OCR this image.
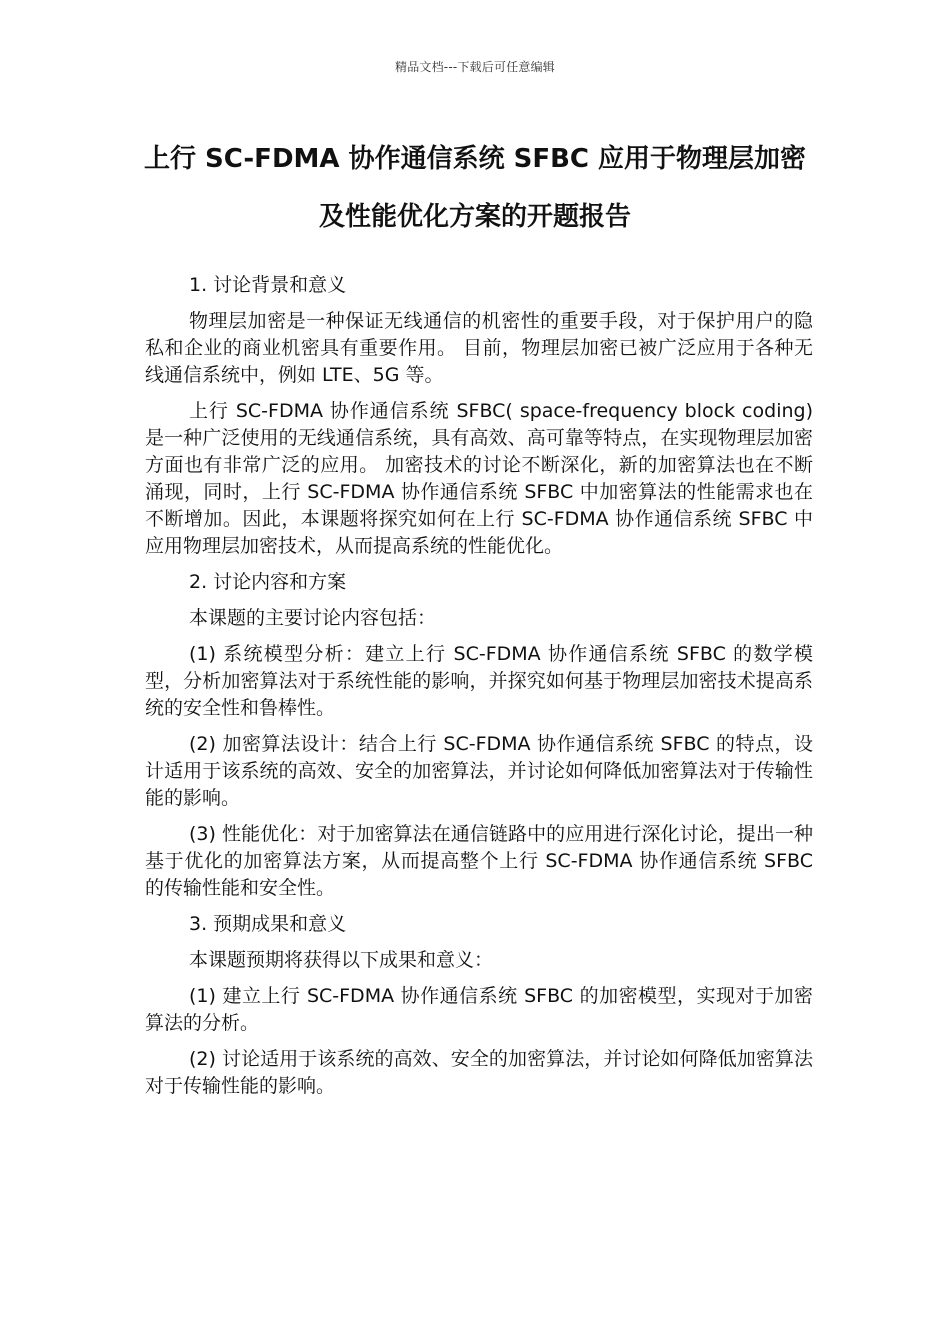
精品文档---下载后可任意编辑
上行 SC-FDMA 协作通信系统 SFBC 应用于物理层加密及性能优化方案的开题报告

1. 讨论背景和意义

物理层加密是一种保证无线通信的机密性的重要手段，对于保护用户的隐私和企业的商业机密具有重要作用。 目前，物理层加密已被广泛应用于各种无线通信系统中，例如 LTE、5G 等。

上行 SC-FDMA 协作通信系统 SFBC( space-frequency block coding) 是一种广泛使用的无线通信系统，具有高效、高可靠等特点，在实现物理层加密方面也有非常广泛的应用。 加密技术的讨论不断深化，新的加密算法也在不断涌现，同时，上行 SC-FDMA 协作通信系统 SFBC 中加密算法的性能需求也在不断增加。因此，本课题将探究如何在上行 SC-FDMA 协作通信系统 SFBC 中应用物理层加密技术，从而提高系统的性能优化。

2. 讨论内容和方案

本课题的主要讨论内容包括：

(1) 系统模型分析：建立上行 SC-FDMA 协作通信系统 SFBC 的数学模型，分析加密算法对于系统性能的影响，并探究如何基于物理层加密技术提高系统的安全性和鲁棒性。

(2) 加密算法设计：结合上行 SC-FDMA 协作通信系统 SFBC 的特点，设计适用于该系统的高效、安全的加密算法，并讨论如何降低加密算法对于传输性能的影响。

(3) 性能优化：对于加密算法在通信链路中的应用进行深化讨论，提出一种基于优化的加密算法方案，从而提高整个上行 SC-FDMA 协作通信系统 SFBC 的传输性能和安全性。

3. 预期成果和意义

本课题预期将获得以下成果和意义：

(1) 建立上行 SC-FDMA 协作通信系统 SFBC 的加密模型，实现对于加密算法的分析。

(2) 讨论适用于该系统的高效、安全的加密算法，并讨论如何降低加密算法对于传输性能的影响。
